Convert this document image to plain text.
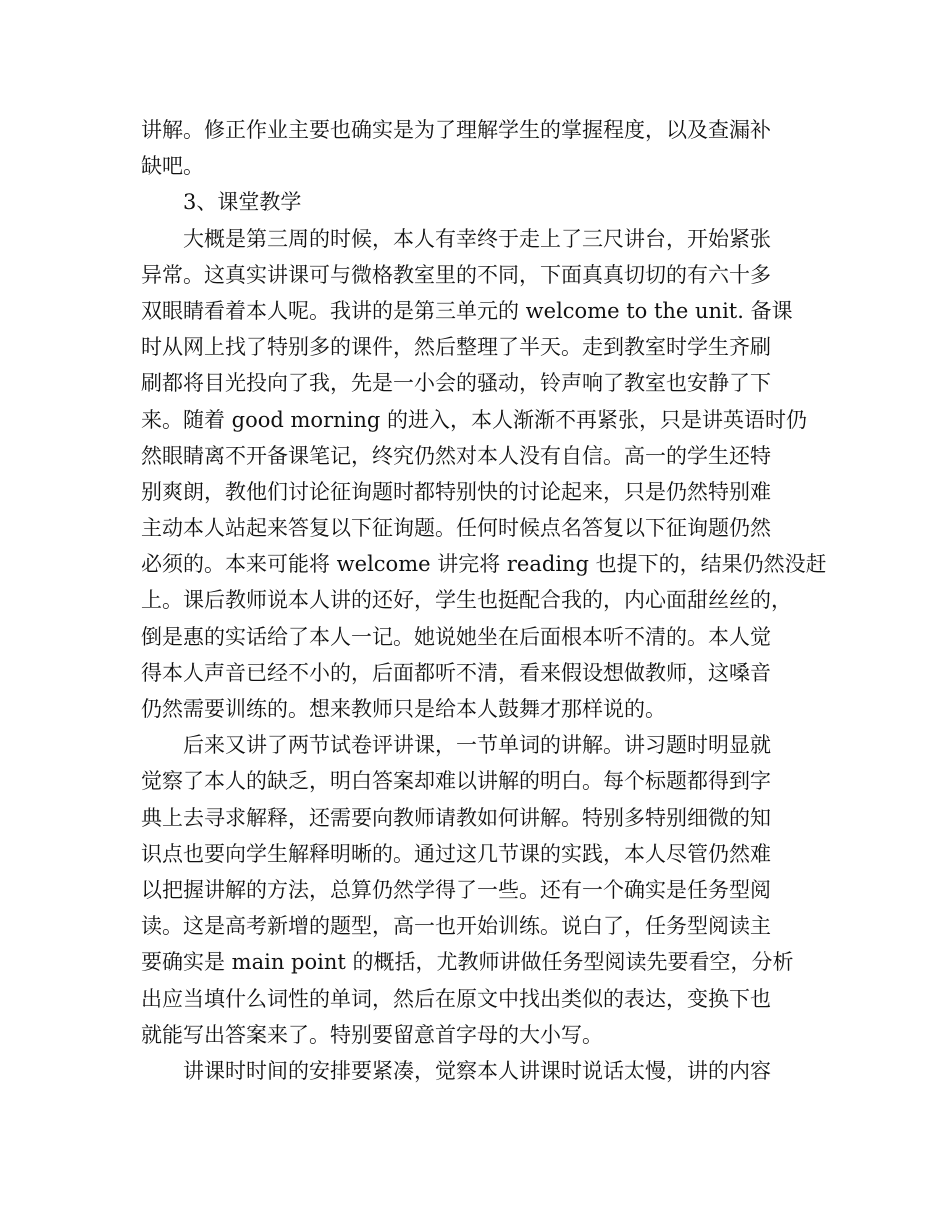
讲解。修正作业主要也确实是为了理解学生的掌握程度，以及查漏补
缺吧。
3、课堂教学
大概是第三周的时候，本人有幸终于走上了三尺讲台，开始紧张
异常。这真实讲课可与微格教室里的不同，下面真真切切的有六十多
双眼睛看着本人呢。我讲的是第三单元的 welcome to the unit. 备课
时从网上找了特别多的课件，然后整理了半天。走到教室时学生齐刷
刷都将目光投向了我，先是一小会的骚动，铃声响了教室也安静了下
来。随着 good morning 的进入，本人渐渐不再紧张，只是讲英语时仍
然眼睛离不开备课笔记，终究仍然对本人没有自信。高一的学生还特
别爽朗，教他们讨论征询题时都特别快的讨论起来，只是仍然特别难
主动本人站起来答复以下征询题。任何时候点名答复以下征询题仍然
必须的。本来可能将 welcome 讲完将 reading 也提下的，结果仍然没赶
上。课后教师说本人讲的还好，学生也挺配合我的，内心面甜丝丝的，
倒是惠的实话给了本人一记。她说她坐在后面根本听不清的。本人觉
得本人声音已经不小的，后面都听不清，看来假设想做教师，这嗓音
仍然需要训练的。想来教师只是给本人鼓舞才那样说的。
后来又讲了两节试卷评讲课，一节单词的讲解。讲习题时明显就
觉察了本人的缺乏，明白答案却难以讲解的明白。每个标题都得到字
典上去寻求解释，还需要向教师请教如何讲解。特别多特别细微的知
识点也要向学生解释明晰的。通过这几节课的实践，本人尽管仍然难
以把握讲解的方法，总算仍然学得了一些。还有一个确实是任务型阅
读。这是高考新增的题型，高一也开始训练。说白了，任务型阅读主
要确实是 main point 的概括，尤教师讲做任务型阅读先要看空，分析
出应当填什么词性的单词，然后在原文中找出类似的表达，变换下也
就能写出答案来了。特别要留意首字母的大小写。
讲课时时间的安排要紧凑，觉察本人讲课时说话太慢，讲的内容
